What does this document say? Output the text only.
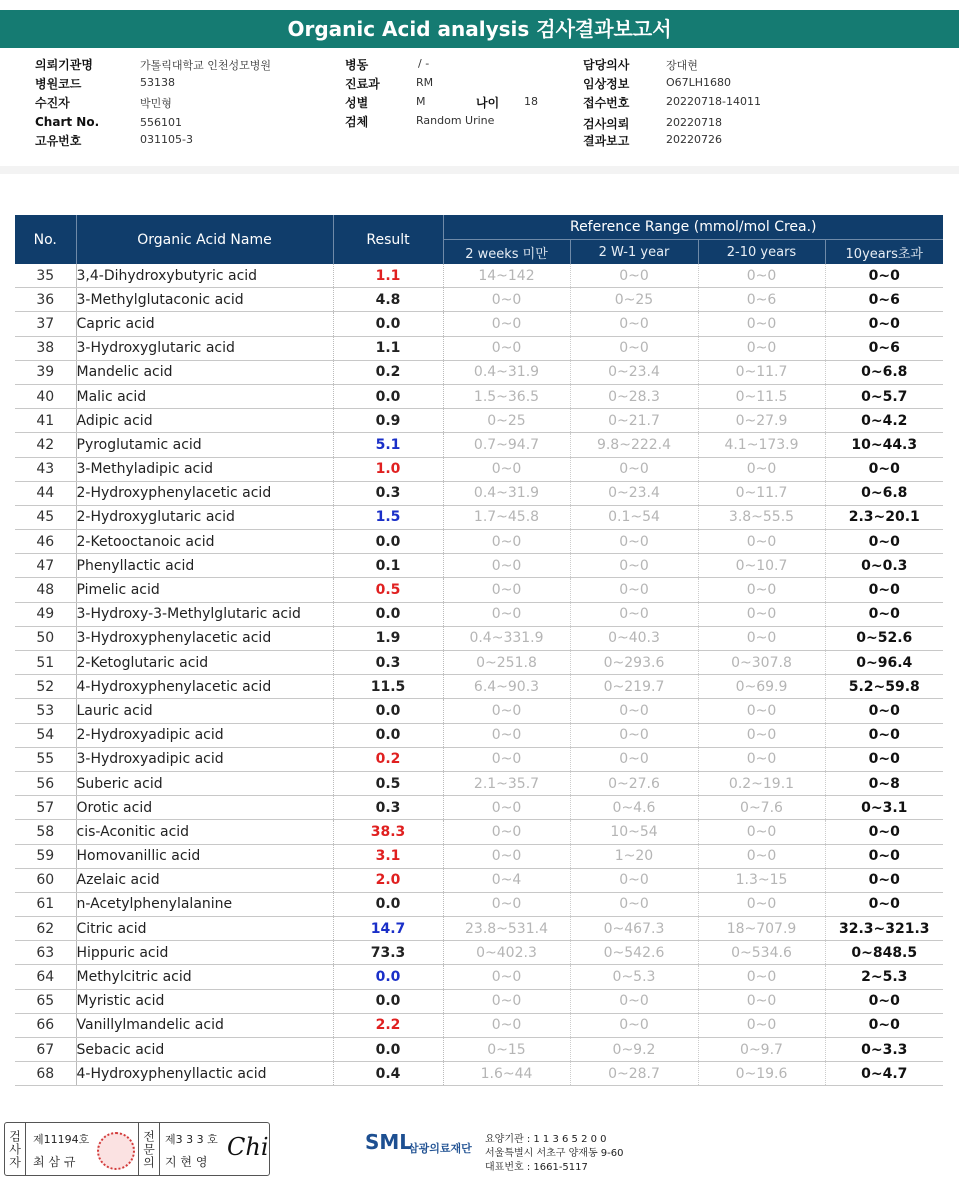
Organic Acid analysis 검사결과보고서
의뢰기관명	가톨릭대학교 인천성모병원
병원코드	53138
수진자	박민형
Chart No.	556101
고유번호	031105-3
병동	/ -
진료과	RM
성별	M	나이 18
검체	Random Urine
담당의사	장대현
임상정보	O67LH1680
접수번호	20220718-14011
검사의뢰	20220718
결과보고	20220726
No.	Organic Acid Name	Result	Reference Range (mmol/mol Crea.)			
			2 weeks 미만	2 W-1 year	2-10 years	10years초과
35	3,4-Dihydroxybutyric acid	1.1	14~142	0~0	0~0	0~0
36	3-Methylglutaconic acid	4.8	0~0	0~25	0~6	0~6
37	Capric acid	0.0	0~0	0~0	0~0	0~0
38	3-Hydroxyglutaric acid	1.1	0~0	0~0	0~0	0~6
39	Mandelic acid	0.2	0.4~31.9	0~23.4	0~11.7	0~6.8
40	Malic acid	0.0	1.5~36.5	0~28.3	0~11.5	0~5.7
41	Adipic acid	0.9	0~25	0~21.7	0~27.9	0~4.2
42	Pyroglutamic acid	5.1	0.7~94.7	9.8~222.4	4.1~173.9	10~44.3
43	3-Methyladipic acid	1.0	0~0	0~0	0~0	0~0
44	2-Hydroxyphenylacetic acid	0.3	0.4~31.9	0~23.4	0~11.7	0~6.8
45	2-Hydroxyglutaric acid	1.5	1.7~45.8	0.1~54	3.8~55.5	2.3~20.1
46	2-Ketooctanoic acid	0.0	0~0	0~0	0~0	0~0
47	Phenyllactic acid	0.1	0~0	0~0	0~10.7	0~0.3
48	Pimelic acid	0.5	0~0	0~0	0~0	0~0
49	3-Hydroxy-3-Methylglutaric acid	0.0	0~0	0~0	0~0	0~0
50	3-Hydroxyphenylacetic acid	1.9	0.4~331.9	0~40.3	0~0	0~52.6
51	2-Ketoglutaric acid	0.3	0~251.8	0~293.6	0~307.8	0~96.4
52	4-Hydroxyphenylacetic acid	11.5	6.4~90.3	0~219.7	0~69.9	5.2~59.8
53	Lauric acid	0.0	0~0	0~0	0~0	0~0
54	2-Hydroxyadipic acid	0.0	0~0	0~0	0~0	0~0
55	3-Hydroxyadipic acid	0.2	0~0	0~0	0~0	0~0
56	Suberic acid	0.5	2.1~35.7	0~27.6	0.2~19.1	0~8
57	Orotic acid	0.3	0~0	0~4.6	0~7.6	0~3.1
58	cis-Aconitic acid	38.3	0~0	10~54	0~0	0~0
59	Homovanillic acid	3.1	0~0	1~20	0~0	0~0
60	Azelaic acid	2.0	0~4	0~0	1.3~15	0~0
61	n-Acetylphenylalanine	0.0	0~0	0~0	0~0	0~0
62	Citric acid	14.7	23.8~531.4	0~467.3	18~707.9	32.3~321.3
63	Hippuric acid	73.3	0~402.3	0~542.6	0~534.6	0~848.5
64	Methylcitric acid	0.0	0~0	0~5.3	0~0	2~5.3
65	Myristic acid	0.0	0~0	0~0	0~0	0~0
66	Vanillylmandelic acid	2.2	0~0	0~0	0~0	0~0
67	Sebacic acid	0.0	0~15	0~9.2	0~9.7	0~3.3
68	4-Hydroxyphenyllactic acid	0.4	1.6~44	0~28.7	0~19.6	0~4.7
검사자	제11194호
최 삼 규	전문의 제3 3 3 호
지 현 영
Chi	SML
삼광의료재단
요양기관 : 1 1 3 6 5 2 0 0
서울특별시 서초구 양재동 9-60
대표번호 : 1661-5117
